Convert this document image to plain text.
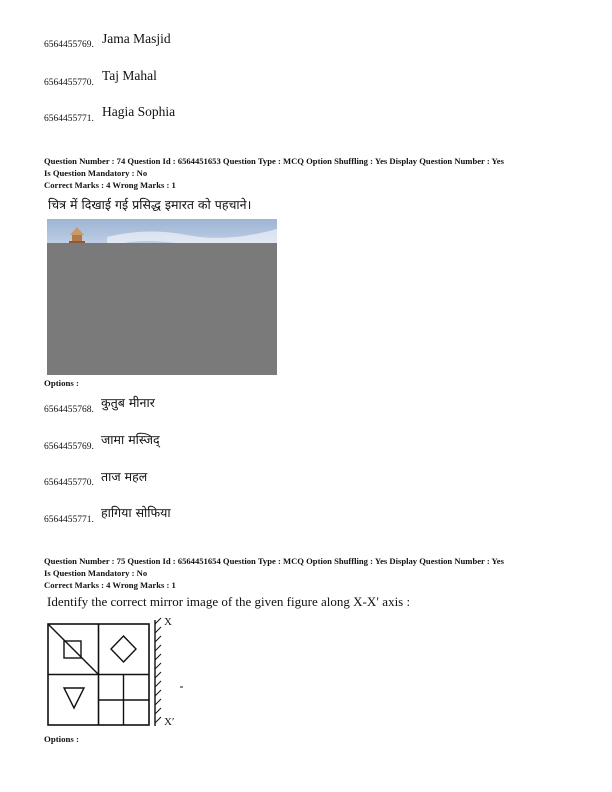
6564455769. Jama Masjid
6564455770. Taj Mahal
6564455771. Hagia Sophia
Question Number : 74 Question Id : 6564451653 Question Type : MCQ Option Shuffling : Yes Display Question Number : Yes
Is Question Mandatory : No
Correct Marks : 4 Wrong Marks : 1
चित्र में दिखाई गई प्रसिद्ध इमारत को पहचाने।
Options :
6564455768. कुतुब मीनार
6564455769. जामा मस्जिद्
6564455770. ताज महल
6564455771. हागिया सोफिया
Question Number : 75 Question Id : 6564451654 Question Type : MCQ Option Shuffling : Yes Display Question Number : Yes
Is Question Mandatory : No
Correct Marks : 4 Wrong Marks : 1
Identify the correct mirror image of the given figure along X-X′ axis :
X
X′
Options :
